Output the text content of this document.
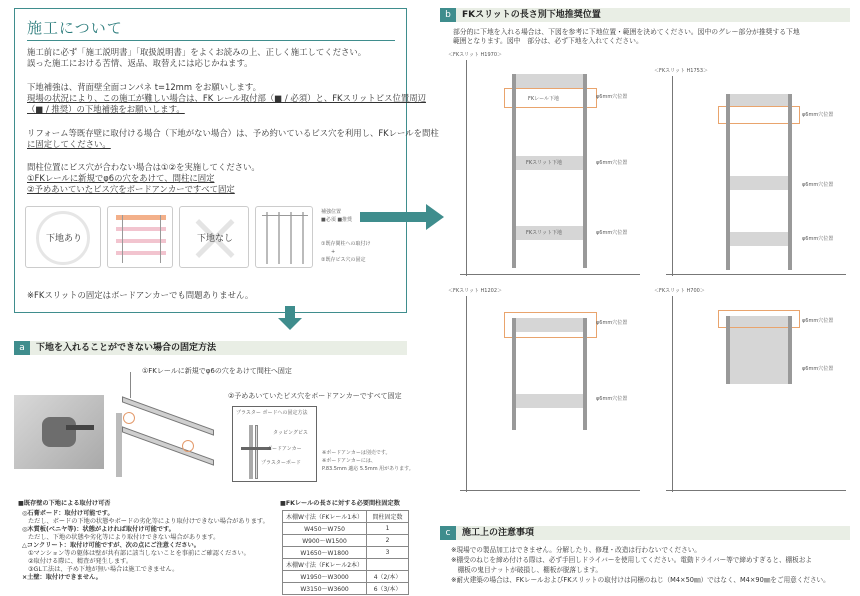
施工について
施工前に必ず「施工説明書」「取扱説明書」をよくお読みの上、正しく施工してください。
誤った施工における苦情、返品、取替えには応じかねます。
下地補強は、背面壁全面コンパネ t=12mm をお願いします。
現場の状況により、この施工が難しい場合は、FK レール取付部（■ / 必須）と、FKスリットビス位置周辺
（■ / 推奨）の下地補強をお願いします。
リフォーム等既存壁に取付ける場合（下地がない場合）は、予め約いているビス穴を利用し、FKレールを間柱
に固定してください。
間柱位置にビス穴が合わない場合は①②を実施してください。
①FKレールに新規でφ6の穴をあけて、間柱に固定
②予めあいていたビス穴をボードアンカーですべて固定
下地あり	下地なし
補強位置
■必須 ■推奨
①既存間柱への取付け
+
②既存ビス穴の固定
※FKスリットの固定はボードアンカーでも問題ありません。
a	下地を入れることができない場合の固定方法
①FKレールに新規でφ6の穴をあけて間柱へ固定
②予めあいていたビス穴をボードアンカーですべて固定
プラスター ボードへの固定方法
タッピングビス
ボードアンカー
プラスターボード
※ボードアンカーは別売です。
※ボードアンカーには、
P.83.5mm 適応 5.5mm 用があります。
■既存壁の下地による取付け可否
◎石膏ボード：取付け可能です。
ただし、ボードの下地の状態やボードの劣化等により取付けできない場合があります。
◎木質板(ベニヤ等)：状態がよければ取付け可能です。
ただし、下地の状態や劣化等により取付けできない場合があります。
△コンクリート：取付け可能ですが、次の点にご注意ください。
①マンション等の躯体は壁が共有部に該当しないことを事前にご確認ください。
②取付ける際に、精査が発生します。
③GL工法は、予め下地が無い場合は施工できません。
×土壁：取付けできません。
■FKレールの長さに対する必要間柱固定数
木棚W寸法（FKレール1本）	間柱固定数
W450〜W750	1
W900〜W1500	2
W1650〜W1800	3
木棚W寸法（FKレール2本）	
W1950〜W3000	4（2/本）
W3150〜W3600	6（3/本）
b	FKスリットの長さ別下地推奨位置
部分的に下地を入れる場合は、下図を参考に下地位置・範囲を決めてください。図中のグレー部分が推奨する下地
範囲となります。図中　部分は、必ず下地を入れてください。
＜FKスリット H1970＞
FKレール下地
FKスリット下地
FKスリット下地
φ6mm穴位置
φ6mm穴位置
φ6mm穴位置
＜FKスリット H1753＞
φ6mm穴位置
φ6mm穴位置
φ6mm穴位置
＜FKスリット H1202＞
φ6mm穴位置
φ6mm穴位置
＜FKスリット H700＞
φ6mm穴位置
φ6mm穴位置
c	施工上の注意事項
※現場での製品加工はできません。分解したり、修理・改造は行わないでください。
※棚受のねじを締め付ける際は、必ず手回しドライバーを使用してください。電動ドライバー等で締めすぎると、棚板およ
　棚板の鬼目ナットが破損し、棚板が脱落します。
※耐火建築の場合は、FKレールおよびFKスリットの取付けは同梱のねじ（M4×50㎜）ではなく、M4×90㎜をご用意ください。
